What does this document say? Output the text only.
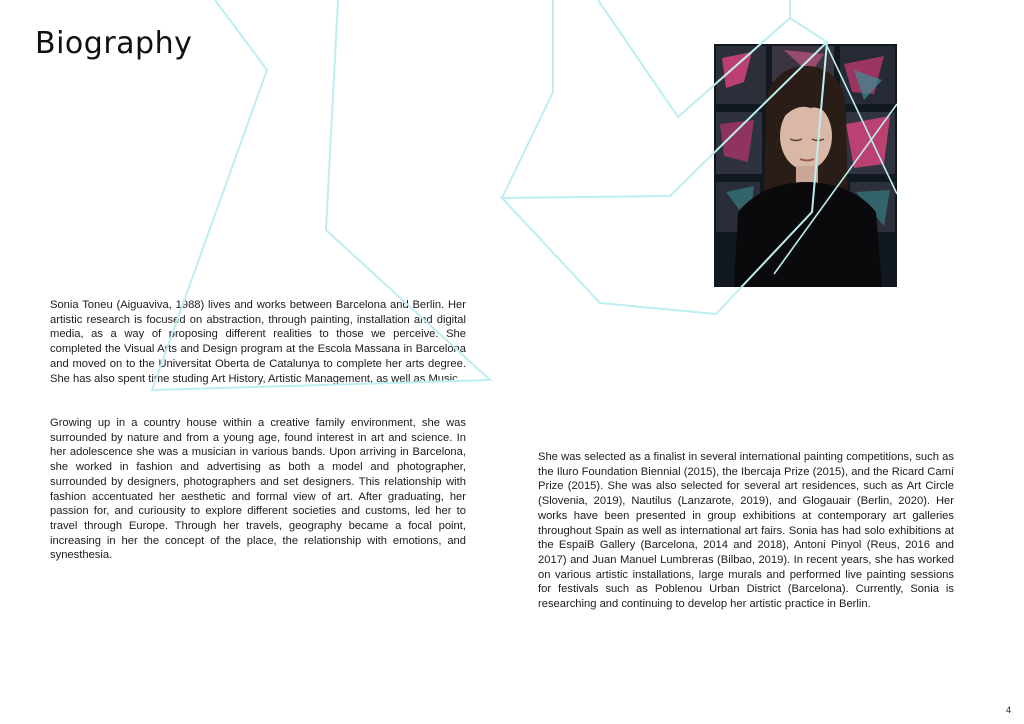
Biography

Sonia Toneu (Aiguaviva, 1988) lives and works between Barcelona and Berlin. Her artistic research is focused on abstraction, through painting, installation and digital media, as a way of proposing different realities to those we perceive. She completed the Visual Arts and Design program at the Escola Massana in Barcelona and moved on to the Universitat Oberta de Catalunya to complete her arts degree. She has also spent time studing Art History, Artistic Management, as well as Music.

Growing up in a country house within a creative family environment, she was surrounded by nature and from a young age, found interest in art and science. In her adolescence she was a musician in various bands. Upon arriving in Barcelona, she worked in fashion and advertising as both a model and photographer, surrounded by designers, photographers and set designers. This relationship with fashion accentuated her aesthetic and formal view of art. After graduating, her passion for, and curiousity to explore different societies and customs, led her to travel through Europe. Through her travels, geography became a focal point, increasing in her the concept of the place, the relationship with emotions, and synesthesia.

She was selected as a finalist in several international painting competitions, such as the Iluro Foundation Biennial (2015), the Ibercaja Prize (2015), and the Ricard Camí Prize (2015). She was also selected for several art residences, such as Art Circle (Slovenia, 2019), Nautilus (Lanzarote, 2019), and Glogauair (Berlin, 2020). Her works have been presented in group exhibitions at contemporary art galleries throughout Spain as well as international art fairs. Sonia has had solo exhibitions at the EspaiB Gallery (Barcelona, 2014 and 2018), Antoni Pinyol (Reus, 2016 and 2017) and Juan Manuel Lumbreras (Bilbao, 2019). In recent years, she has worked on various artistic installations, large murals and performed live painting sessions for festivals such as Poblenou Urban District (Barcelona). Currently, Sonia is researching and continuing to develop her artistic practice in Berlin.

4
